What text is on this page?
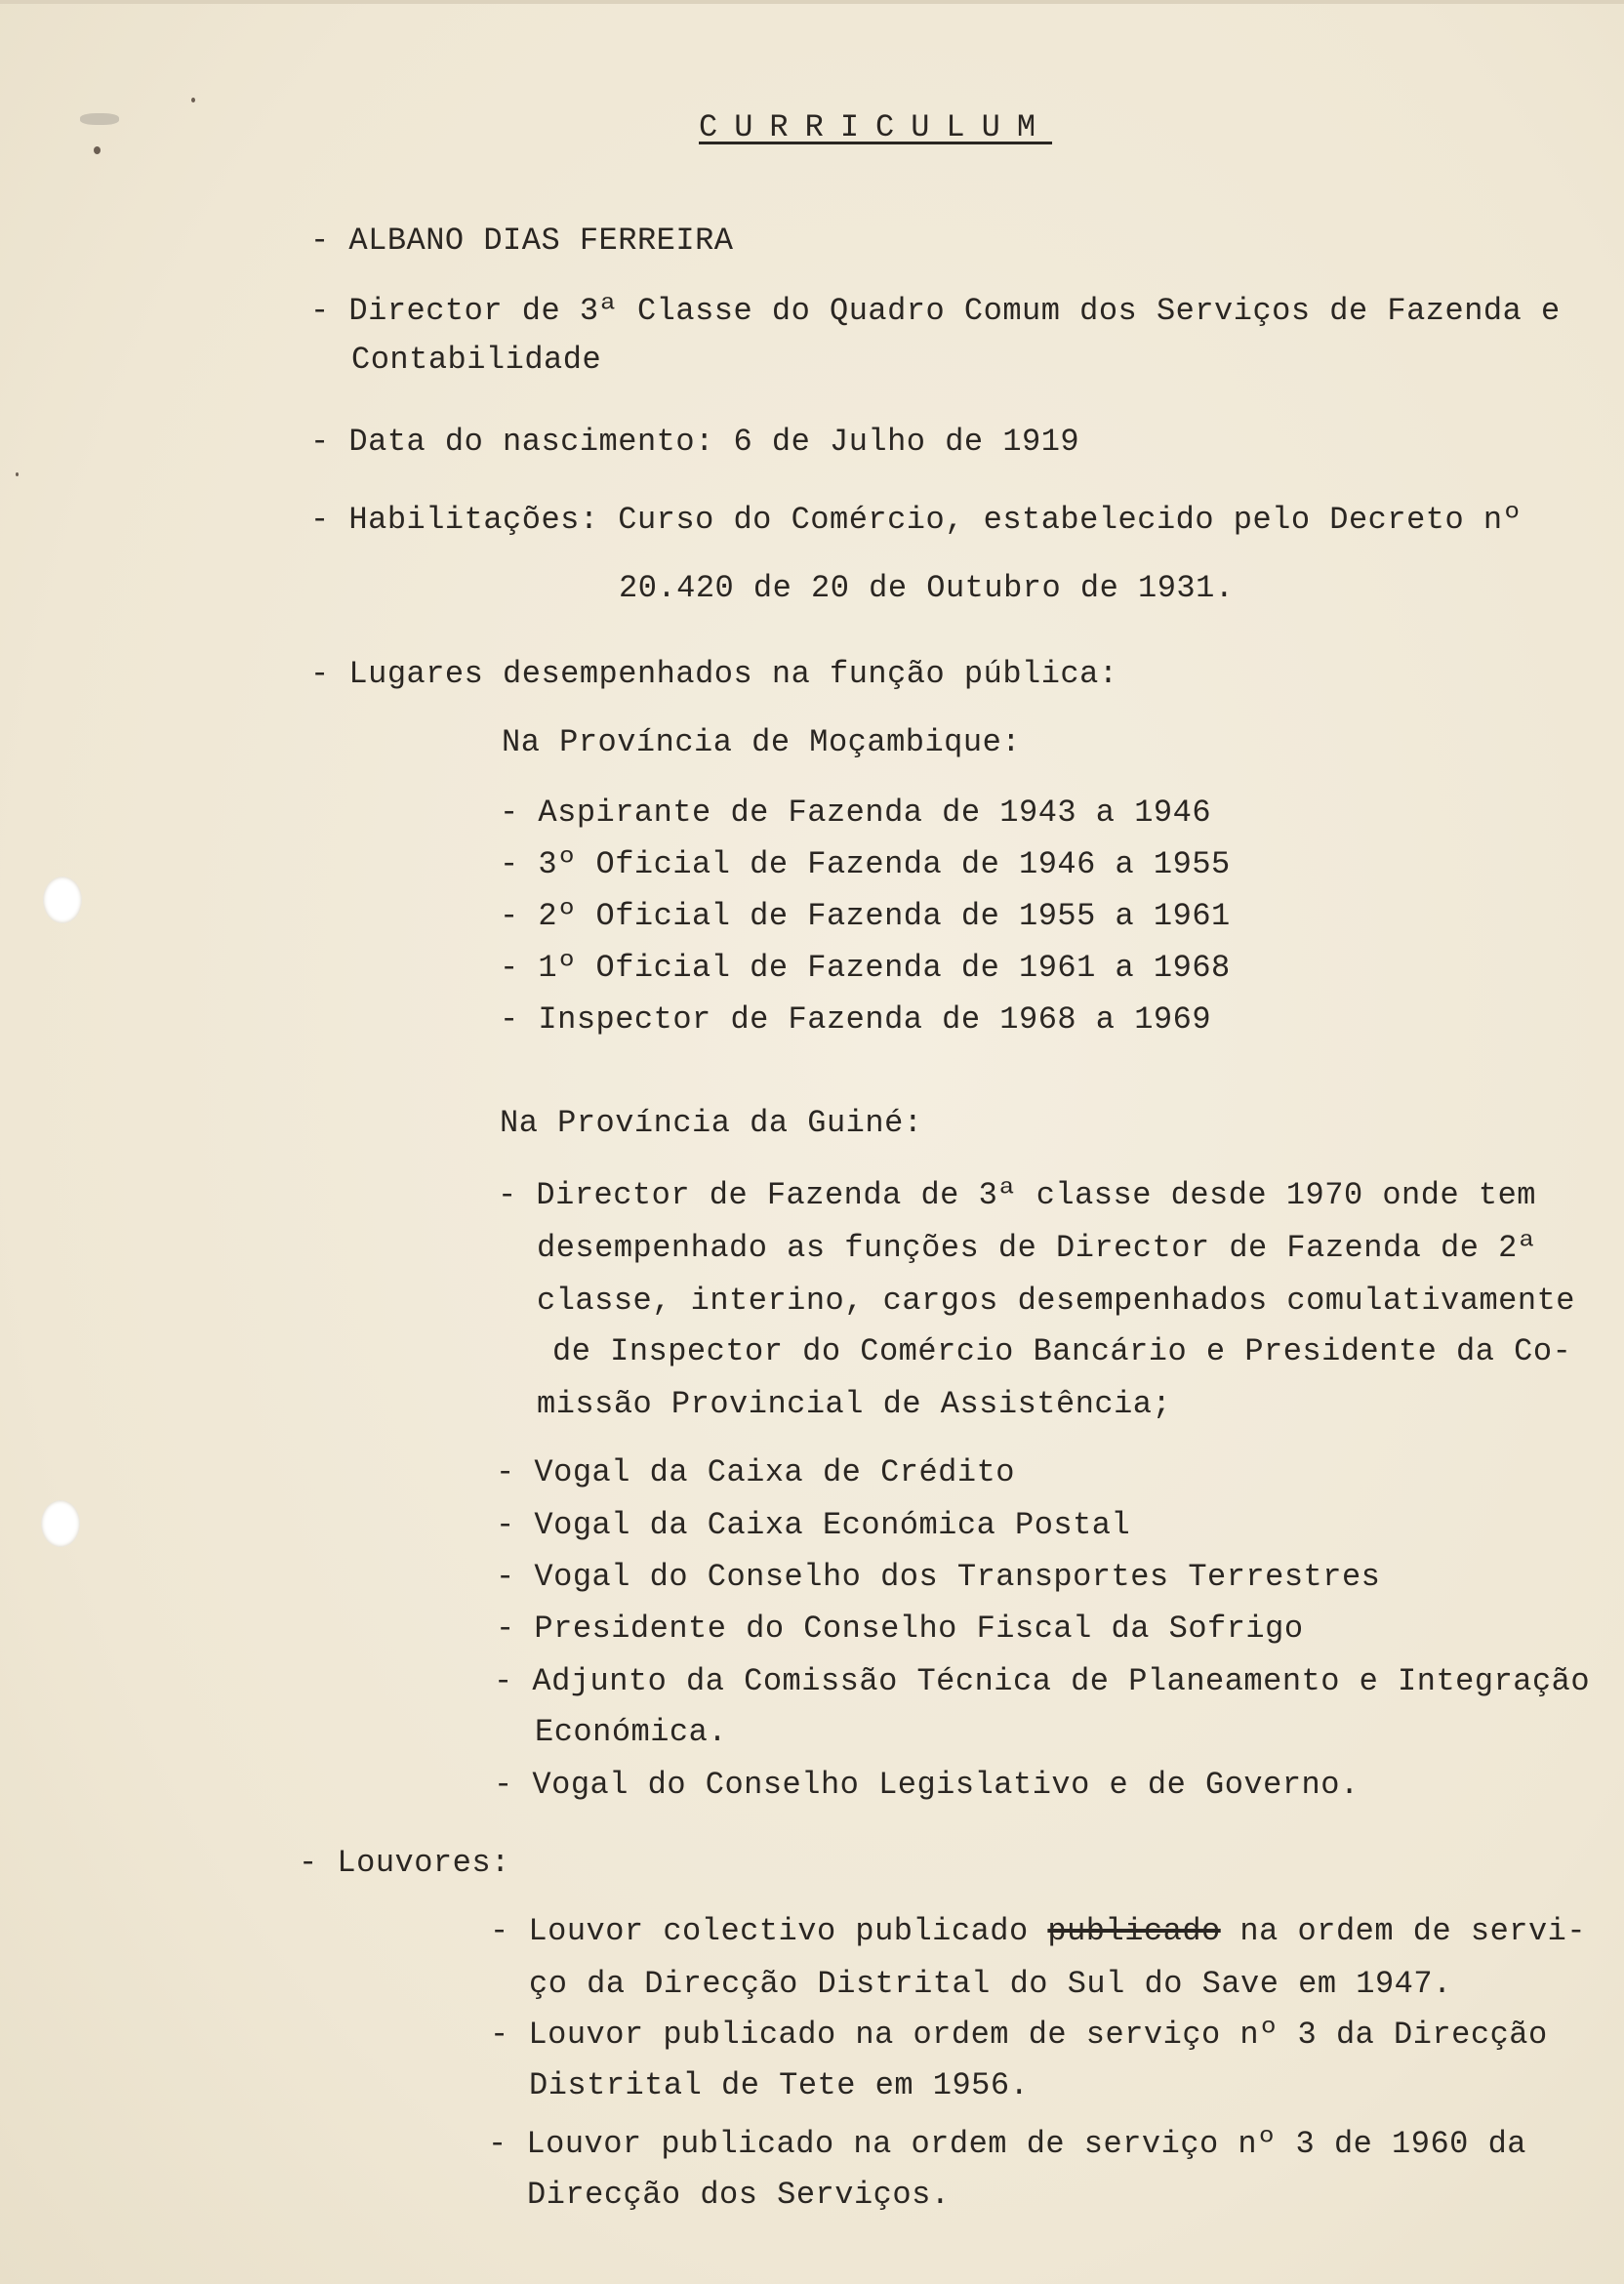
CURRICULUM
- ALBANO DIAS FERREIRA
- Director de 3ª Classe do Quadro Comum dos Serviços de Fazenda e
Contabilidade
- Data do nascimento: 6 de Julho de 1919
- Habilitações: Curso do Comércio, estabelecido pelo Decreto nº
20.420 de 20 de Outubro de 1931.
- Lugares desempenhados na função pública:
Na Província de Moçambique:
- Aspirante de Fazenda de 1943 a 1946
- 3º Oficial de Fazenda de 1946 a 1955
- 2º Oficial de Fazenda de 1955 a 1961
- 1º Oficial de Fazenda de 1961 a 1968
- Inspector de Fazenda de 1968 a 1969
Na Província da Guiné:
- Director de Fazenda de 3ª classe desde 1970 onde tem
desempenhado as funções de Director de Fazenda de 2ª
classe, interino, cargos desempenhados comulativamente
de Inspector do Comércio Bancário e Presidente da Co-
missão Provincial de Assistência;
- Vogal da Caixa de Crédito
- Vogal da Caixa Económica Postal
- Vogal do Conselho dos Transportes Terrestres
- Presidente do Conselho Fiscal da Sofrigo
- Adjunto da Comissão Técnica de Planeamento e Integração
Económica.
- Vogal do Conselho Legislativo e de Governo.
- Louvores:
- Louvor colectivo publicado publicado na ordem de servi-
ço da Direcção Distrital do Sul do Save em 1947.
- Louvor publicado na ordem de serviço nº 3 da Direcção
Distrital de Tete em 1956.
- Louvor publicado na ordem de serviço nº 3 de 1960 da
Direcção dos Serviços.
